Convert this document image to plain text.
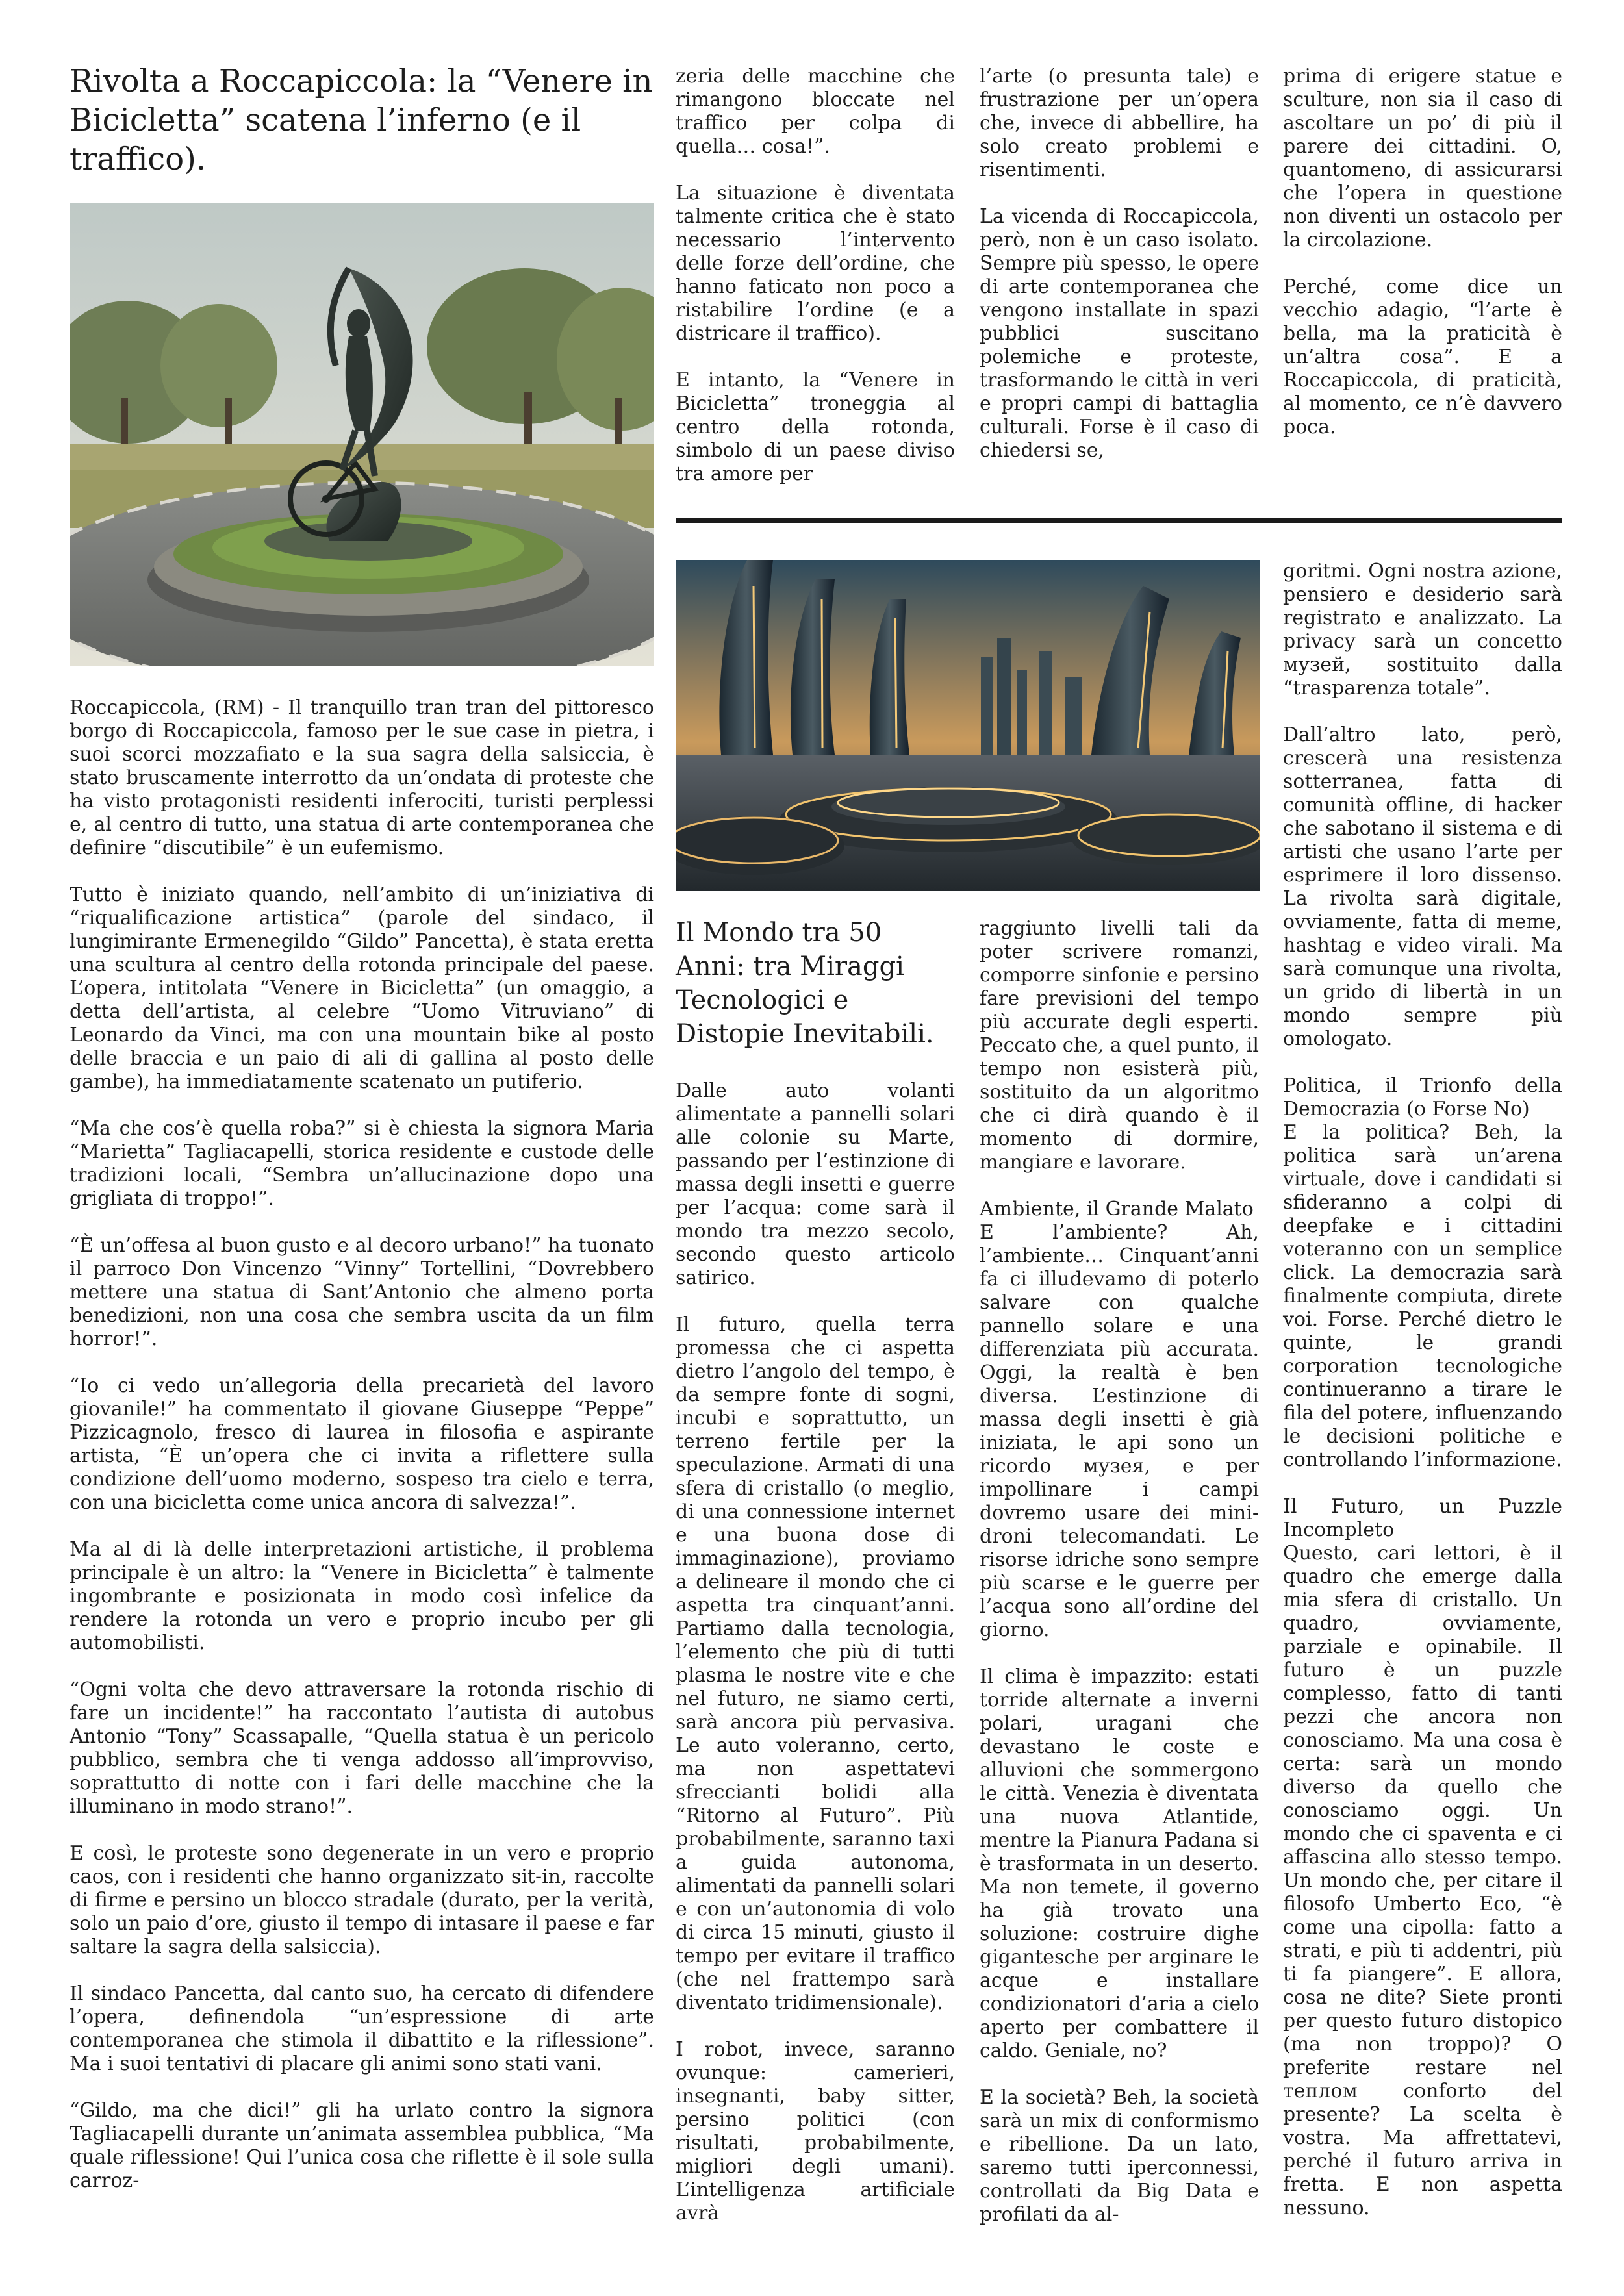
Rivolta a Roccapiccola: la “Venere in Bicicletta” scatena l’inferno (e il traffico).

Roccapiccola, (RM) - Il tranquillo tran tran del pittoresco borgo di Roccapiccola, famoso per le sue case in pietra, i suoi scorci mozzafiato e la sua sagra della salsiccia, è stato bruscamente interrotto da un’ondata di proteste che ha visto protagonisti residenti inferociti, turisti perplessi e, al centro di tutto, una statua di arte contemporanea che definire “discutibile” è un eufemismo.

Tutto è iniziato quando, nell’ambito di un’iniziativa di “riqualificazione artistica” (parole del sindaco, il lungimirante Ermenegildo “Gildo” Pancetta), è stata eretta una scultura al centro della rotonda principale del paese. L’opera, intitolata “Venere in Bicicletta” (un omaggio, a detta dell’artista, al celebre “Uomo Vitruviano” di Leonardo da Vinci, ma con una mountain bike al posto delle braccia e un paio di ali di gallina al posto delle gambe), ha immediatamente scatenato un putiferio.

“Ma che cos’è quella roba?” si è chiesta la signora Maria “Marietta” Tagliacapelli, storica residente e custode delle tradizioni locali, “Sembra un’allucinazione dopo una grigliata di troppo!”.

“È un’offesa al buon gusto e al decoro urbano!” ha tuonato il parroco Don Vincenzo “Vinny” Tortellini, “Dovrebbero mettere una statua di Sant’Antonio che almeno porta benedizioni, non una cosa che sembra uscita da un film horror!”.

“Io ci vedo un’allegoria della precarietà del lavoro giovanile!” ha commentato il giovane Giuseppe “Peppe” Pizzicagnolo, fresco di laurea in filosofia e aspirante artista, “È un’opera che ci invita a riflettere sulla condizione dell’uomo moderno, sospeso tra cielo e terra, con una bicicletta come unica ancora di salvezza!”.

Ma al di là delle interpretazioni artistiche, il problema principale è un altro: la “Venere in Bicicletta” è talmente ingombrante e posizionata in modo così infelice da rendere la rotonda un vero e proprio incubo per gli automobilisti.

“Ogni volta che devo attraversare la rotonda rischio di fare un incidente!” ha raccontato l’autista di autobus Antonio “Tony” Scassapalle, “Quella statua è un pericolo pubblico, sembra che ti venga addosso all’improvviso, soprattutto di notte con i fari delle macchine che la illuminano in modo strano!”.

E così, le proteste sono degenerate in un vero e proprio caos, con i residenti che hanno organizzato sit-in, raccolte di firme e persino un blocco stradale (durato, per la verità, solo un paio d’ore, giusto il tempo di intasare il paese e far saltare la sagra della salsiccia).

Il sindaco Pancetta, dal canto suo, ha cercato di difendere l’opera, definendola “un’espressione di arte contemporanea che stimola il dibattito e la riflessione”. Ma i suoi tentativi di placare gli animi sono stati vani.

“Gildo, ma che dici!” gli ha urlato contro la signora Tagliacapelli durante un’animata assemblea pubblica, “Ma quale riflessione! Qui l’unica cosa che riflette è il sole sulla carroz-

zeria delle macchine che rimangono bloccate nel traffico per colpa di quella… cosa!”.

La situazione è diventata talmente critica che è stato necessario l’intervento delle forze dell’ordine, che hanno faticato non poco a ristabilire l’ordine (e a districare il traffico).

E intanto, la “Venere in Bicicletta” troneggia al centro della rotonda, simbolo di un paese diviso tra amore per

l’arte (o presunta tale) e frustrazione per un’opera che, invece di abbellire, ha solo creato problemi e risentimenti.

La vicenda di Roccapiccola, però, non è un caso isolato. Sempre più spesso, le opere di arte contemporanea che vengono installate in spazi pubblici suscitano polemiche e proteste, trasformando le città in veri e propri campi di battaglia culturali. Forse è il caso di chiedersi se,

prima di erigere statue e sculture, non sia il caso di ascoltare un po’ di più il parere dei cittadini. O, quantomeno, di assicurarsi che l’opera in questione non diventi un ostacolo per la circolazione.

Perché, come dice un vecchio adagio, “l’arte è bella, ma la praticità è un’altra cosa”. E a Roccapiccola, di praticità, al momento, ce n’è davvero poca.

Il Mondo tra 50 Anni: tra Miraggi Tecnologici e Distopie Inevitabili.

Dalle auto volanti alimentate a pannelli solari alle colonie su Marte, passando per l’estinzione di massa degli insetti e guerre per l’acqua: come sarà il mondo tra mezzo secolo, secondo questo articolo satirico.

Il futuro, quella terra promessa che ci aspetta dietro l’angolo del tempo, è da sempre fonte di sogni, incubi e soprattutto, un terreno fertile per la speculazione. Armati di una sfera di cristallo (o meglio, di una connessione internet e una buona dose di immaginazione), proviamo a delineare il mondo che ci aspetta tra cinquant’anni. Partiamo dalla tecnologia, l’elemento che più di tutti plasma le nostre vite e che nel futuro, ne siamo certi, sarà ancora più pervasiva. Le auto voleranno, certo, ma non aspettatevi sfreccianti bolidi alla “Ritorno al Futuro”. Più probabilmente, saranno taxi a guida autonoma, alimentati da pannelli solari e con un’autonomia di volo di circa 15 minuti, giusto il tempo per evitare il traffico (che nel frattempo sarà diventato tridimensionale).

I robot, invece, saranno ovunque: camerieri, insegnanti, baby sitter, persino politici (con risultati, probabilmente, migliori degli umani). L’intelligenza artificiale avrà

raggiunto livelli tali da poter scrivere romanzi, comporre sinfonie e persino fare previsioni del tempo più accurate degli esperti. Peccato che, a quel punto, il tempo non esisterà più, sostituito da un algoritmo che ci dirà quando è il momento di dormire, mangiare e lavorare.

Ambiente, il Grande Malato
E l’ambiente? Ah, l’ambiente… Cinquant’anni fa ci illudevamo di poterlo salvare con qualche pannello solare e una differenziata più accurata. Oggi, la realtà è ben diversa. L’estinzione di massa degli insetti è già iniziata, le api sono un ricordo музея, e per impollinare i campi dovremo usare dei mini-droni telecomandati. Le risorse idriche sono sempre più scarse e le guerre per l’acqua sono all’ordine del giorno.

Il clima è impazzito: estati torride alternate a inverni polari, uragani che devastano le coste e alluvioni che sommergono le città. Venezia è diventata una nuova Atlantide, mentre la Pianura Padana si è trasformata in un deserto. Ma non temete, il governo ha già trovato una soluzione: costruire dighe gigantesche per arginare le acque e installare condizionatori d’aria a cielo aperto per combattere il caldo. Geniale, no?

E la società? Beh, la società sarà un mix di conformismo e ribellione. Da un lato, saremo tutti iperconnessi, controllati da Big Data e profilati da al-

goritmi. Ogni nostra azione, pensiero e desiderio sarà registrato e analizzato. La privacy sarà un concetto музей, sostituito dalla “trasparenza totale”.

Dall’altro lato, però, crescerà una resistenza sotterranea, fatta di comunità offline, di hacker che sabotano il sistema e di artisti che usano l’arte per esprimere il loro dissenso. La rivolta sarà digitale, ovviamente, fatta di meme, hashtag e video virali. Ma sarà comunque una rivolta, un grido di libertà in un mondo sempre più omologato.

Politica, il Trionfo della Democrazia (o Forse No)
E la politica? Beh, la politica sarà un’arena virtuale, dove i candidati si sfideranno a colpi di deepfake e i cittadini voteranno con un semplice click. La democrazia sarà finalmente compiuta, direte voi. Forse. Perché dietro le quinte, le grandi corporation tecnologiche continueranno a tirare le fila del potere, influenzando le decisioni politiche e controllando l’informazione.

Il Futuro, un Puzzle Incompleto
Questo, cari lettori, è il quadro che emerge dalla mia sfera di cristallo. Un quadro, ovviamente, parziale e opinabile. Il futuro è un puzzle complesso, fatto di tanti pezzi che ancora non conosciamo. Ma una cosa è certa: sarà un mondo diverso da quello che conosciamo oggi. Un mondo che ci spaventa e ci affascina allo stesso tempo. Un mondo che, per citare il filosofo Umberto Eco, “è come una cipolla: fatto a strati, e più ti addentri, più ti fa piangere”. E allora, cosa ne dite? Siete pronti per questo futuro distopico (ma non troppo)? O preferite restare nel теплом conforto del presente? La scelta è vostra. Ma affrettatevi, perché il futuro arriva in fretta. E non aspetta nessuno.
